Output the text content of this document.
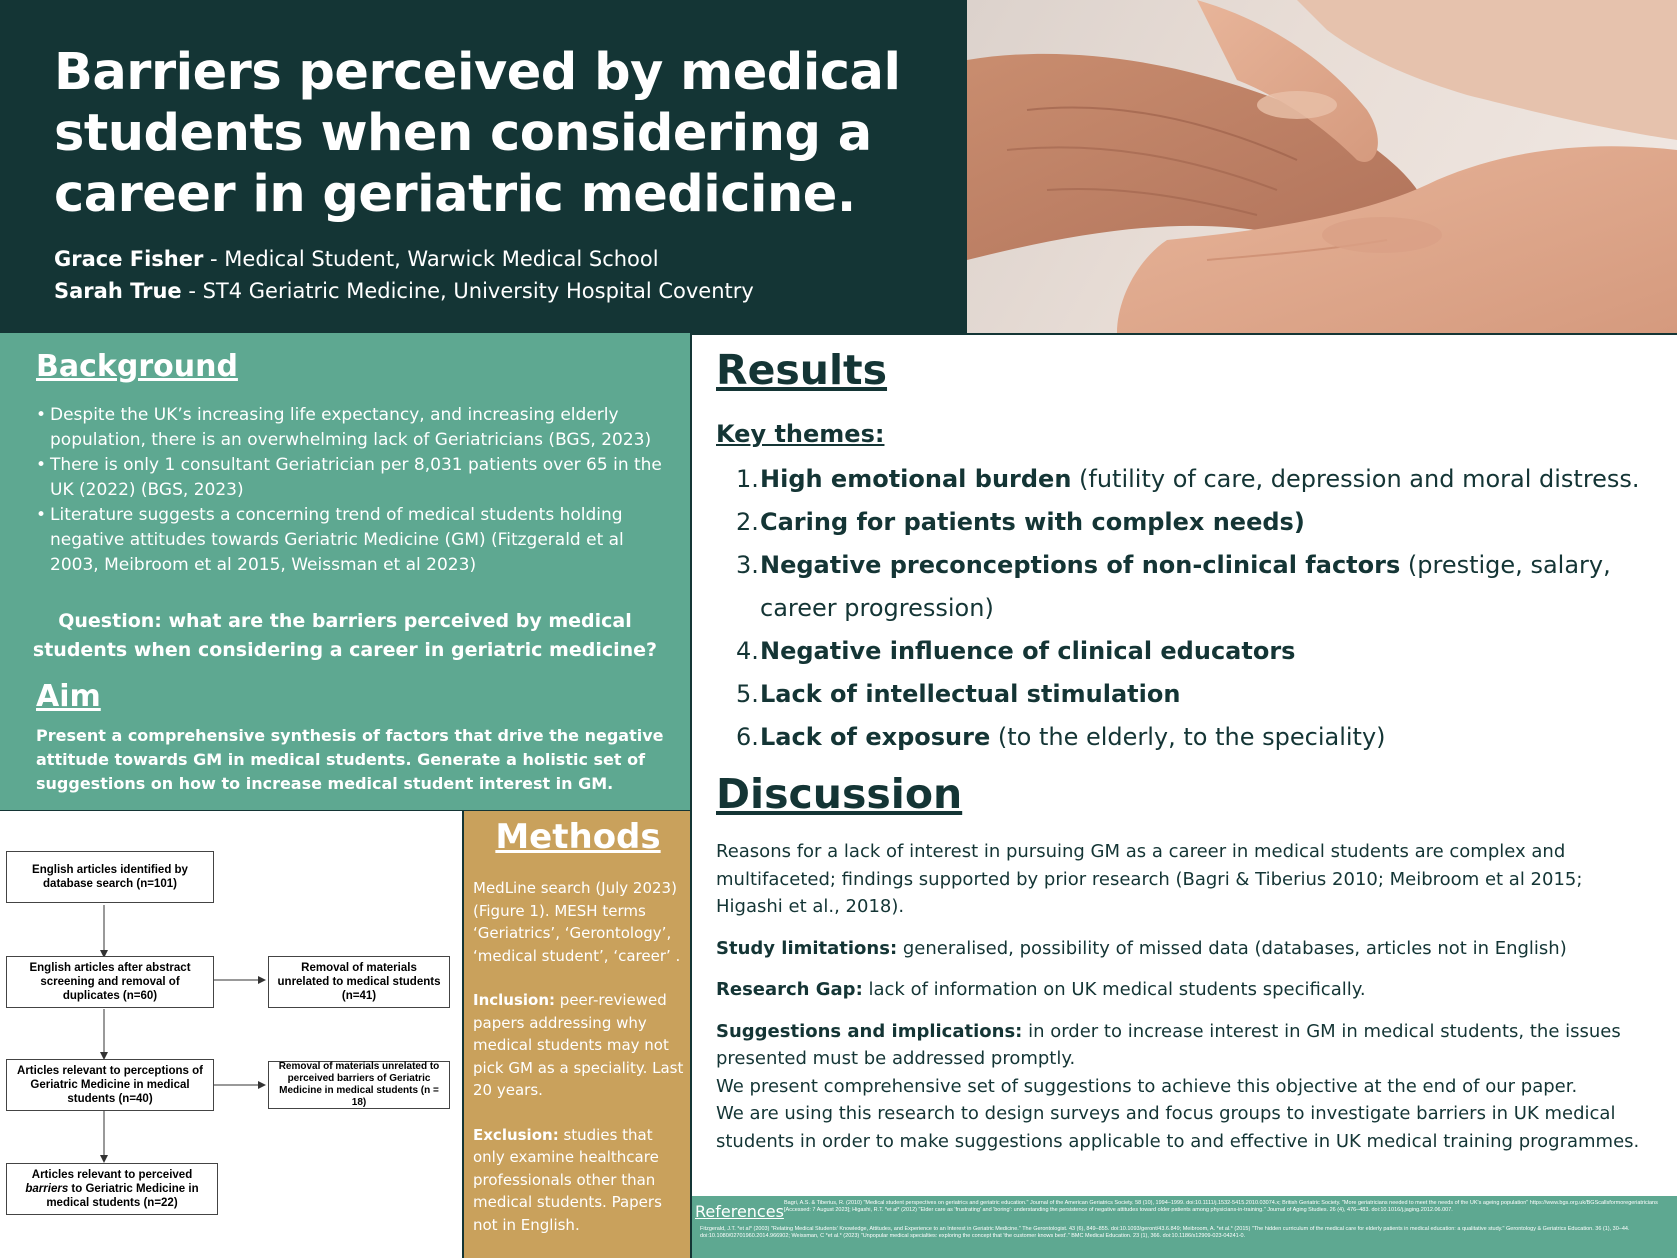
Barriers perceived by medical students when considering a career in geriatric medicine.
Grace Fisher - Medical Student, Warwick Medical School
Sarah True - ST4 Geriatric Medicine, University Hospital Coventry
Background
• Despite the UK’s increasing life expectancy, and increasing elderly population, there is an overwhelming lack of Geriatricians (BGS, 2023)
• There is only 1 consultant Geriatrician per 8,031 patients over 65 in the UK (2022) (BGS, 2023)
• Literature suggests a concerning trend of medical students holding negative attitudes towards Geriatric Medicine (GM) (Fitzgerald et al 2003, Meibroom et al 2015, Weissman et al 2023)

Question: what are the barriers perceived by medical students when considering a career in geriatric medicine?

Aim

Present a comprehensive synthesis of factors that drive the negative attitude towards GM in medical students. Generate a holistic set of suggestions on how to increase medical student interest in GM.

English articles identified by database search (n=101)
English articles after abstract screening and removal of duplicates (n=60)
Articles relevant to perceptions of Geriatric Medicine in medical students (n=40)
Articles relevant to perceived barriers to Geriatric Medicine in medical students (n=22)
Removal of materials unrelated to medical students (n=41)
Removal of materials unrelated to perceived barriers of Geriatric Medicine in medical students (n = 18)
Methods

MedLine search (July 2023) (Figure 1). MESH terms ‘Geriatrics’, ‘Gerontology’, ‘medical student’, ‘career’ .

Inclusion: peer-reviewed papers addressing why medical students may not pick GM as a speciality. Last 20 years.

Exclusion: studies that only examine healthcare professionals other than medical students. Papers not in English.

Results
Key themes:
1. High emotional burden (futility of care, depression and moral distress.
2. Caring for patients with complex needs)
3. Negative preconceptions of non-clinical factors (prestige, salary, career progression)
4. Negative influence of clinical educators
5. Lack of intellectual stimulation
6. Lack of exposure (to the elderly, to the speciality)
Discussion

Reasons for a lack of interest in pursuing GM as a career in medical students are complex and multifaceted; findings supported by prior research (Bagri & Tiberius 2010; Meibroom et al 2015; Higashi et al., 2018).

Study limitations: generalised, possibility of missed data (databases, articles not in English)

Research Gap: lack of information on UK medical students specifically.

Suggestions and implications: in order to increase interest in GM in medical students, the issues presented must be addressed promptly.

We present comprehensive set of suggestions to achieve this objective at the end of our paper.

We are using this research to design surveys and focus groups to investigate barriers in UK medical students in order to make suggestions applicable to and effective in UK medical training programmes.

References Bagri, A.S. & Tiberius, R. (2010) "Medical student perspectives on geriatrics and geriatric education." Journal of the American Geriatrics Society. 58 (10), 1994–1999. doi:10.1111/j.1532-5415.2010.03074.x; British Geriatric Society. "More geriatricians needed to meet the needs of the UK's ageing population" https://www.bgs.org.uk/BGScallsformoregeriatricians [Accessed: 7 August 2023]; Higashi, R.T. *et al* (2012) "Elder care as 'frustrating' and 'boring': understanding the persistence of negative attitudes toward older patients among physicians-in-training." Journal of Aging Studies. 26 (4), 476–483. doi:10.1016/j.jaging.2012.06.007.
Fitzgerald, J.T. *et al* (2003) "Relating Medical Students' Knowledge, Attitudes, and Experience to an Interest in Geriatric Medicine." The Gerontologist. 43 (6), 849–855. doi:10.1093/geront/43.6.849; Meibroom, A. *et al.* (2015) "The hidden curriculum of the medical care for elderly patients in medical education: a qualitative study." Gerontology & Geriatrics Education. 36 (1), 30–44. doi:10.1080/02701960.2014.966902; Weissman, C *et al.* (2023) "Unpopular medical specialties: exploring the concept that 'the customer knows best'." BMC Medical Education. 23 (1), 366. doi:10.1186/s12909-023-04241-0.
